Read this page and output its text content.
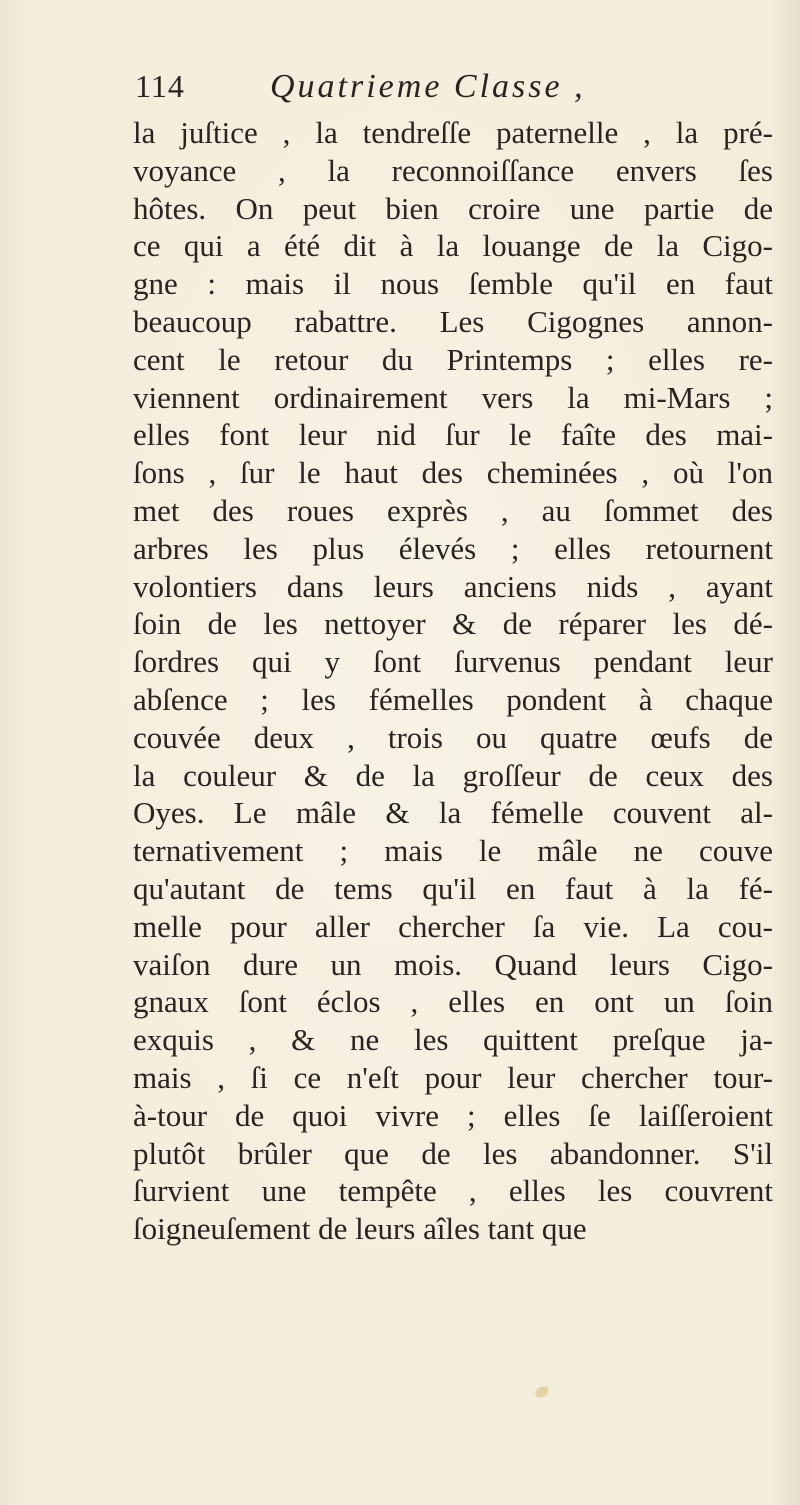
114	Quatrieme Classe ,
la juſtice , la tendreſſe paternelle , la pré-
voyance , la reconnoiſſance envers ſes
hôtes. On peut bien croire une partie de
ce qui a été dit à la louange de la Cigo-
gne : mais il nous ſemble qu'il en faut
beaucoup rabattre. Les Cigognes annon-
cent le retour du Printemps ; elles re-
viennent ordinairement vers la mi-Mars ;
elles font leur nid ſur le faîte des mai-
ſons , ſur le haut des cheminées , où l'on
met des roues exprès , au ſommet des
arbres les plus élevés ; elles retournent
volontiers dans leurs anciens nids , ayant
ſoin de les nettoyer & de réparer les dé-
ſordres qui y ſont ſurvenus pendant leur
abſence ; les fémelles pondent à chaque
couvée deux , trois ou quatre œufs de
la couleur & de la groſſeur de ceux des
Oyes. Le mâle & la fémelle couvent al-
ternativement ; mais le mâle ne couve
qu'autant de tems qu'il en faut à la fé-
melle pour aller chercher ſa vie. La cou-
vaiſon dure un mois. Quand leurs Cigo-
gnaux ſont éclos , elles en ont un ſoin
exquis , & ne les quittent preſque ja-
mais , ſi ce n'eſt pour leur chercher tour-
à-tour de quoi vivre ; elles ſe laiſſeroient
plutôt brûler que de les abandonner. S'il
ſurvient une tempête , elles les couvrent
ſoigneuſement de leurs aîles tant que
